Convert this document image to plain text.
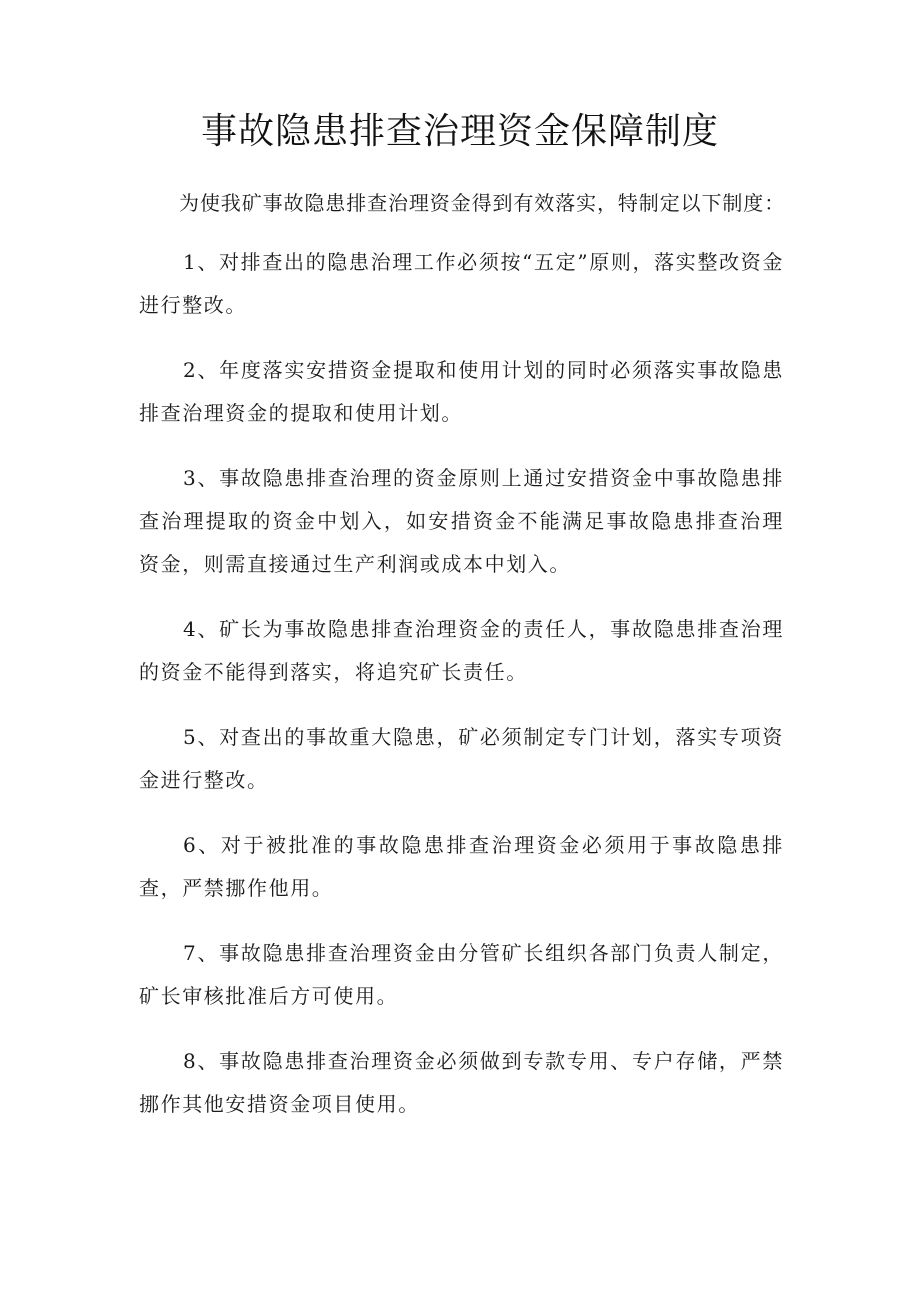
事故隐患排查治理资金保障制度

为使我矿事故隐患排查治理资金得到有效落实，特制定以下制度：

1、对排查出的隐患治理工作必须按“五定”原则，落实整改资金进行整改。

2、年度落实安措资金提取和使用计划的同时必须落实事故隐患排查治理资金的提取和使用计划。

3、事故隐患排查治理的资金原则上通过安措资金中事故隐患排查治理提取的资金中划入，如安措资金不能满足事故隐患排查治理资金，则需直接通过生产利润或成本中划入。

4、矿长为事故隐患排查治理资金的责任人，事故隐患排查治理的资金不能得到落实，将追究矿长责任。

5、对查出的事故重大隐患，矿必须制定专门计划，落实专项资金进行整改。

6、对于被批准的事故隐患排查治理资金必须用于事故隐患排查，严禁挪作他用。

7、事故隐患排查治理资金由分管矿长组织各部门负责人制定，矿长审核批准后方可使用。

8、事故隐患排查治理资金必须做到专款专用、专户存储，严禁挪作其他安措资金项目使用。
